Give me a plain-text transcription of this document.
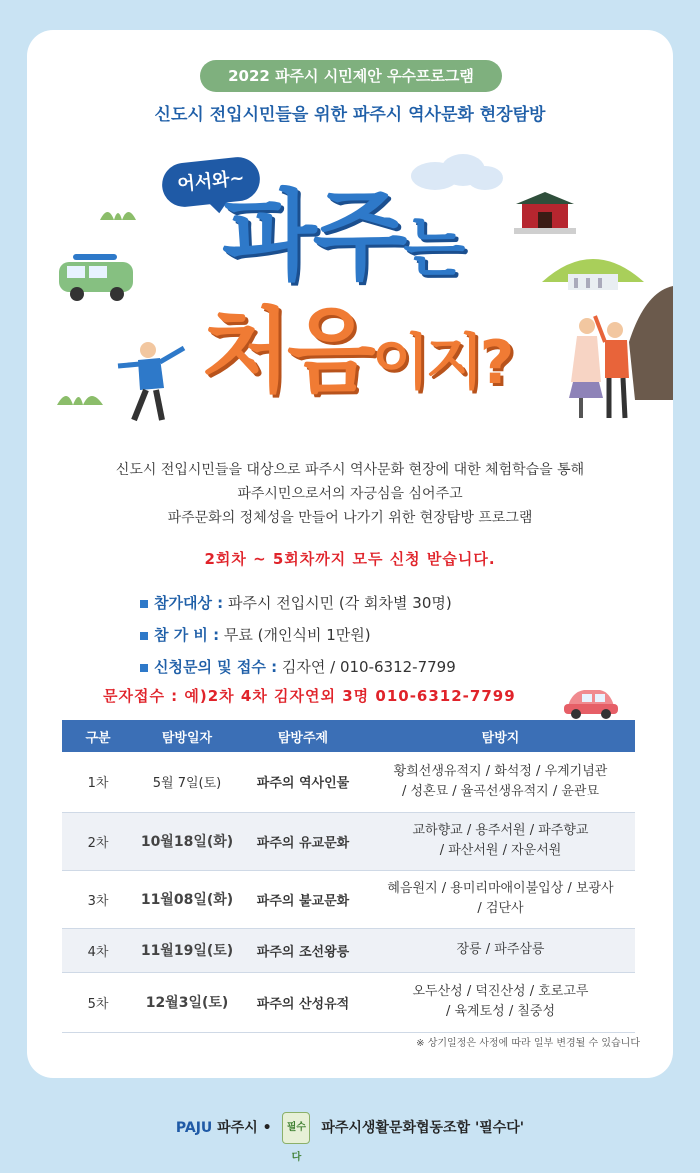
2022 파주시 시민제안 우수프로그램
신도시 전입시민들을 위한 파주시 역사문화 현장탐방
어서와~
파주는
처음이지?
신도시 전입시민들을 대상으로 파주시 역사문화 현장에 대한 체험학습을 통해
파주시민으로서의 자긍심을 심어주고
파주문화의 정체성을 만들어 나가기 위한 현장탐방 프로그램
2회차 ~ 5회차까지 모두 신청 받습니다.
참가대상 : 파주시 전입시민 (각 회차별 30명)
참 가 비 : 무료 (개인식비 1만원)
신청문의 및 접수 : 김자연 / 010-6312-7799
문자접수 : 예)2차 4차 김자연외 3명 010-6312-7799
구분	탐방일자	탐방주제	탐방지
1차	5월 7일(토)	파주의 역사인물	황희선생유적지 / 화석정 / 우계기념관
/ 성혼묘 / 율곡선생유적지 / 윤관묘

2차	10월18일(화)	파주의 유교문화	교하향교 / 용주서원 / 파주향교
/ 파산서원 / 자운서원

3차	11월08일(화)	파주의 불교문화	혜음원지 / 용미리마애이불입상 / 보광사
/ 검단사

4차	11월19일(토)	파주의 조선왕릉	장릉 / 파주삼릉

5차	12월3일(토)	파주의 산성유적	오두산성 / 덕진산성 / 호로고루
/ 육계토성 / 칠중성
※ 상기일정은 사정에 따라 일부 변경될 수 있습니다
PAJU 파주시 • 필수다 파주시생활문화협동조합 '필수다'
